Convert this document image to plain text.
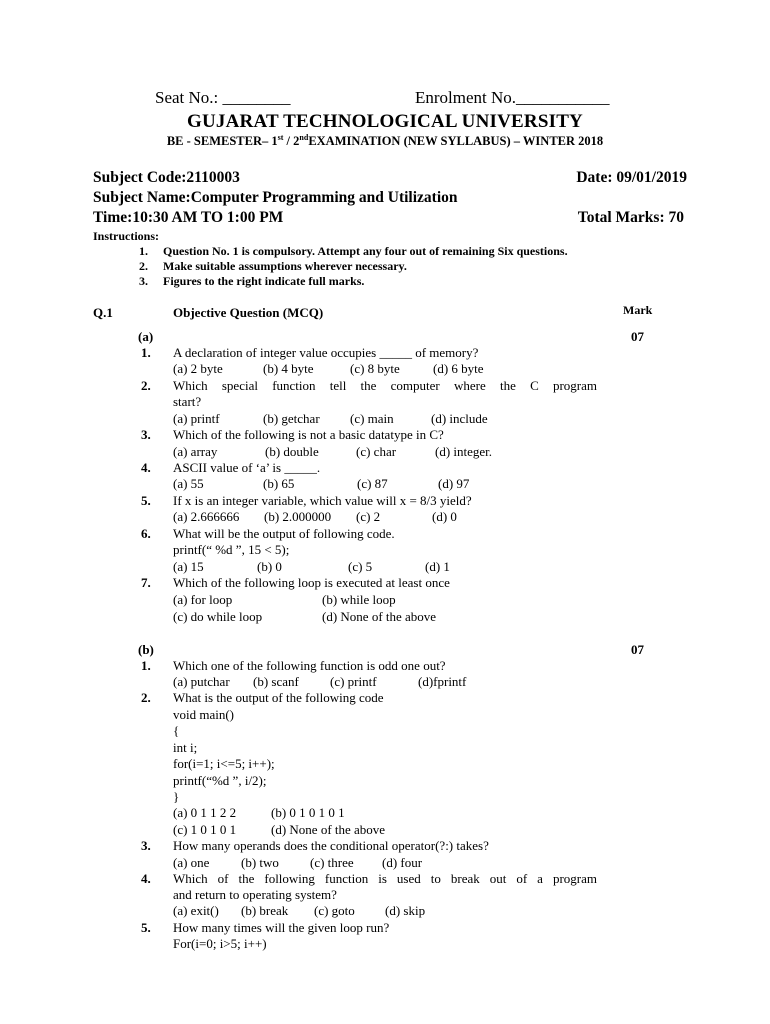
Seat No.: ________	Enrolment No.___________
GUJARAT TECHNOLOGICAL UNIVERSITY
BE - SEMESTER– 1st / 2ndEXAMINATION (NEW SYLLABUS) – WINTER 2018
Subject Code:2110003	Date: 09/01/2019
Subject Name:Computer Programming and Utilization
Time:10:30 AM TO 1:00 PM	Total Marks: 70
Instructions:
1. Question No. 1 is compulsory. Attempt any four out of remaining Six questions.
2. Make suitable assumptions wherever necessary.
3. Figures to the right indicate full marks.
Q.1	Objective Question (MCQ)	Mark
(a)	07
1. A declaration of integer value occupies _____ of memory?
(a) 2 byte	(b) 4 byte	(c) 8 byte	(d) 6 byte
2. Which special function tell the computer where the C program
start?
(a) printf	(b) getchar (c) main	(d) include
3. Which of the following is not a basic datatype in C?
(a) array	(b) double	(c) char	(d) integer.
4. ASCII value of ‘a’ is _____.
(a) 55	(b) 65	(c) 87	(d) 97
5. If x is an integer variable, which value will x = 8/3 yield?
(a) 2.666666 (b) 2.000000 (c) 2	(d) 0
6. What will be the output of following code.
printf(“ %d ”, 15 < 5);
(a) 15	(b) 0	(c) 5	(d) 1
7. Which of the following loop is executed at least once
(a) for loop	(b) while loop
(c) do while loop	(d) None of the above
(b)	07
1. Which one of the following function is odd one out?
(a) putchar (b) scanf (c) printf	(d)fprintf
2. What is the output of the following code
void main()
{
int i;
for(i=1; i<=5; i++);
printf(“%d ”, i/2);
}
(a) 0 1 1 2 2	(b) 0 1 0 1 0 1
(c) 1 0 1 0 1	(d) None of the above
3. How many operands does the conditional operator(?:) takes?
(a) one (b) two (c) three (d) four
4. Which of the following function is used to break out of a program
and return to operating system?
(a) exit() (b) break (c) goto (d) skip
5. How many times will the given loop run?
For(i=0; i>5; i++)
